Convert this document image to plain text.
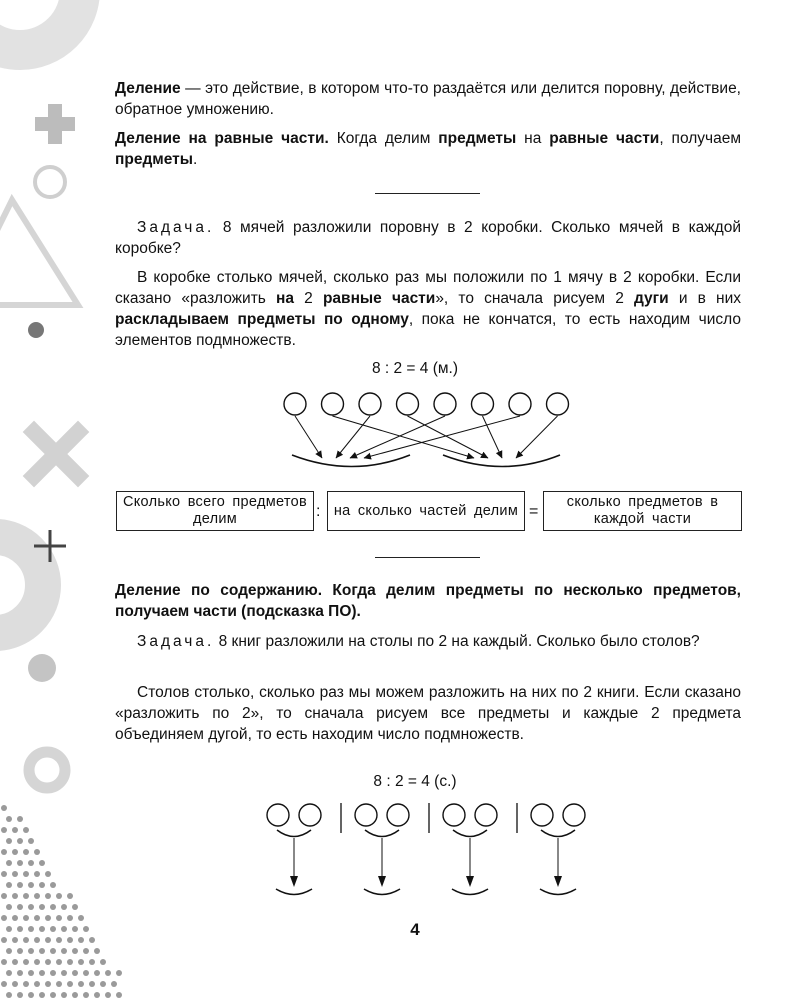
Деление — это действие, в котором что-то раздаётся или делится поровну, действие, обратное умножению.

Деление на равные части. Когда делим предметы на равные части, получаем предметы.

Задача. 8 мячей разложили поровну в 2 коробки. Сколько мячей в каждой коробке?

В коробке столько мячей, сколько раз мы положили по 1 мячу в 2 коробки. Если сказано «разложить на 2 равные части», то сначала рисуем 2 дуги и в них раскладываем предметы по одному, пока не кончатся, то есть находим число элементов подмножеств.

8 : 2 = 4 (м.)
Сколько всего предметов делим	: на сколько частей делим =
сколько предметов в каждой части

Деление по содержанию. Когда делим предметы по несколько предметов, получаем части (подсказка ПО).

Задача. 8 книг разложили на столы по 2 на каждый. Сколько было столов?

Столов столько, сколько раз мы можем разложить на них по 2 книги. Если сказано «разложить по 2», то сначала рисуем все предметы и каждые 2 предмета объединяем дугой, то есть находим число подмножеств.

8 : 2 = 4 (с.)
4
